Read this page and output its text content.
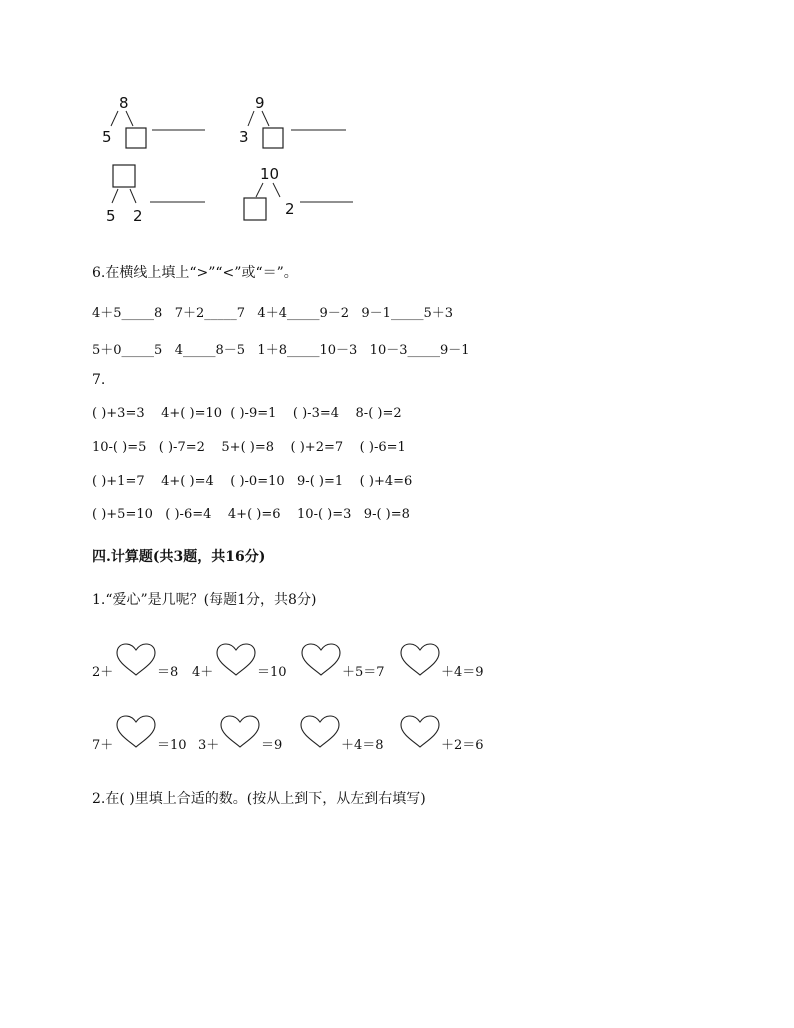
8
5
9
3
5 2
10
2
6.在横线上填上“>”“<”或“＝”。
4＋5_____8   7＋2_____7   4＋4_____9－2   9－1_____5＋3
5＋0_____5   4_____8－5   1＋8_____10－3   10－3_____9－1
7.
( )+3=3    4+( )=10  ( )-9=1    ( )-3=4    8-( )=2
10-( )=5   ( )-7=2    5+( )=8    ( )+2=7    ( )-6=1
( )+1=7    4+( )=4    ( )-0=10   9-( )=1    ( )+4=6
( )+5=10   ( )-6=4    4+( )=6    10-( )=3   9-( )=8
四.计算题(共3题，共16分)
1.“爱心”是几呢？(每题1分，共8分)
2＋	＝8 4＋	＝10	＋5＝7	＋4＝9
7＋	＝10 3＋	＝9	＋4＝8	＋2＝6
2.在( )里填上合适的数。(按从上到下，从左到右填写)
